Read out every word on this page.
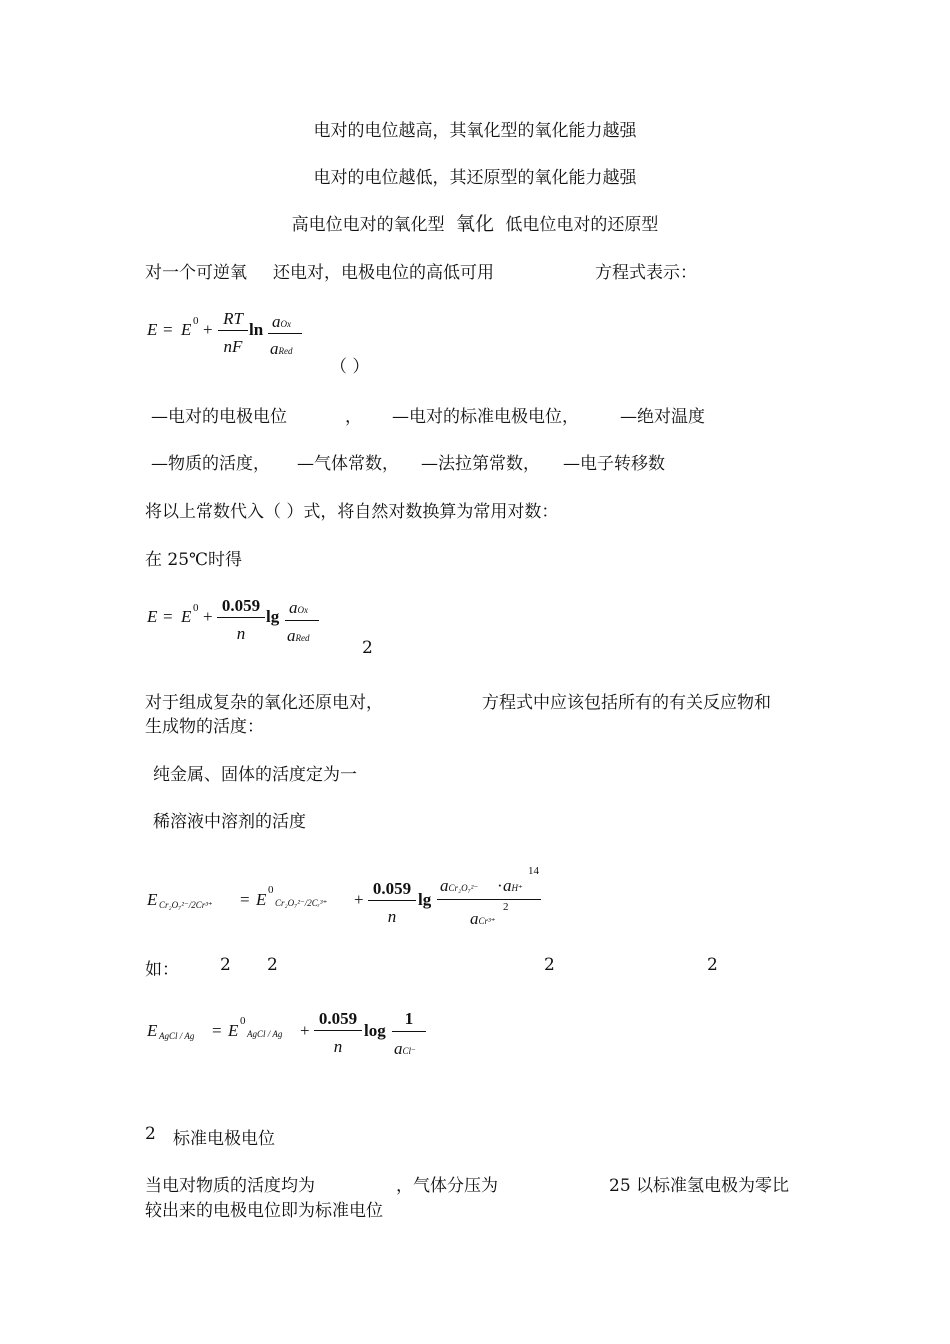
电对的电位越高，其氧化型的氧化能力越强
电对的电位越低，其还原型的氧化能力越强
高电位电对的氧化型 氧化 低电位电对的还原型
对一个可逆氧 还电对，电极电位的高低可用	方程式表示：
E = E 0 +
RT
nF
ln aOx
aRed
（ ）
—电对的电极电位	， —电对的标准电极电位， —绝对温度
—物质的活度， —气体常数， —法拉第常数， —电子转移数
将以上常数代入（ ）式，将自然对数换算为常用对数：
在 25℃时得
E = E 0 +
0.059
n
lg aOx
aRed	2
对于组成复杂的氧化还原电对，	方程式中应该包括所有的有关反应物和
生成物的活度：
纯金属、固体的活度定为一
稀溶液中溶剂的活度
E Cr₂O₇²⁻/2Cr³⁺ = E 0
Cr₂O₇²⁻/2Cᵣ³⁺ +
0.059
n
lg
aCr₂O₇²⁻ · aH⁺
14
2
aCr³⁺
如： 2 2	2	2
E AgCl / Ag = E 0
AgCl / Ag +
0.059
n
log
1
aCl⁻
2 标准电极电位
当电对物质的活度均为	，气体分压为	25 以标准氢电极为零比
较出来的电极电位即为标准电位
